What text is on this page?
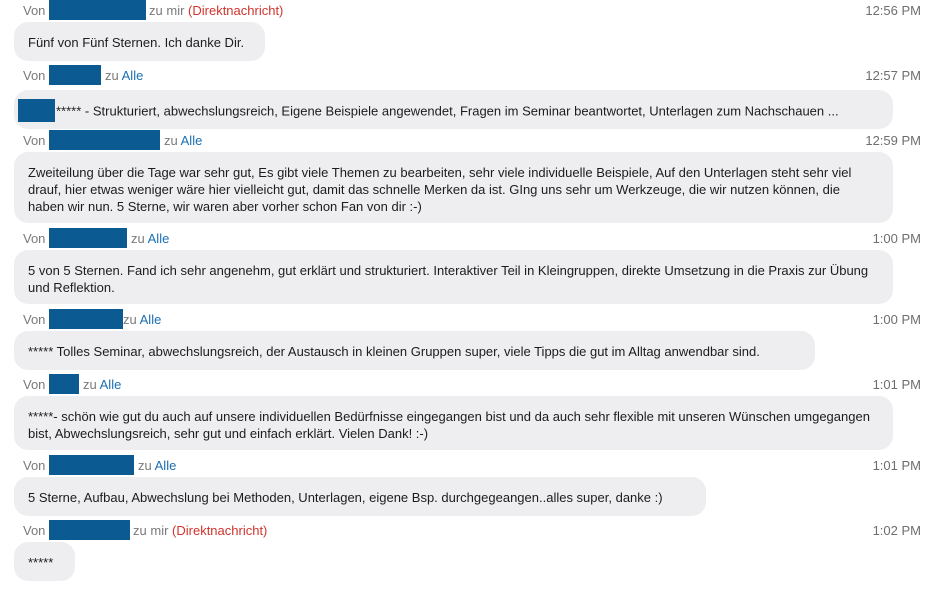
Von	zu mir (Direktnachricht)	12:56 PM
Fünf von Fünf Sternen. Ich danke Dir.
Von	zu Alle	12:57 PM
***** - Strukturiert, abwechslungsreich, Eigene Beispiele angewendet, Fragen im Seminar beantwortet, Unterlagen zum Nachschauen ...
Von	zu Alle	12:59 PM
Zweiteilung über die Tage war sehr gut, Es gibt viele Themen zu bearbeiten, sehr viele individuelle Beispiele, Auf den Unterlagen steht sehr viel drauf, hier etwas weniger wäre hier vielleicht gut, damit das schnelle Merken da ist. GIng uns sehr um Werkzeuge, die wir nutzen können, die haben wir nun. 5 Sterne, wir waren aber vorher schon Fan von dir :-)
Von	zu Alle	1:00 PM
5 von 5 Sternen. Fand ich sehr angenehm, gut erklärt und strukturiert. Interaktiver Teil in Kleingruppen, direkte Umsetzung in die Praxis zur Übung und Reflektion.
Von	zu Alle	1:00 PM
***** Tolles Seminar, abwechslungsreich, der Austausch in kleinen Gruppen super, viele Tipps die gut im Alltag anwendbar sind.
Von	zu Alle	1:01 PM
*****- schön wie gut du auch auf unsere individuellen Bedürfnisse eingegangen bist und da auch sehr flexible mit unseren Wünschen umgegangen bist, Abwechslungsreich, sehr gut und einfach erklärt. Vielen Dank! :-)
Von	zu Alle	1:01 PM
5 Sterne, Aufbau, Abwechslung bei Methoden, Unterlagen, eigene Bsp. durchgegeangen..alles super, danke :)
Von	zu mir (Direktnachricht)	1:02 PM
*****
